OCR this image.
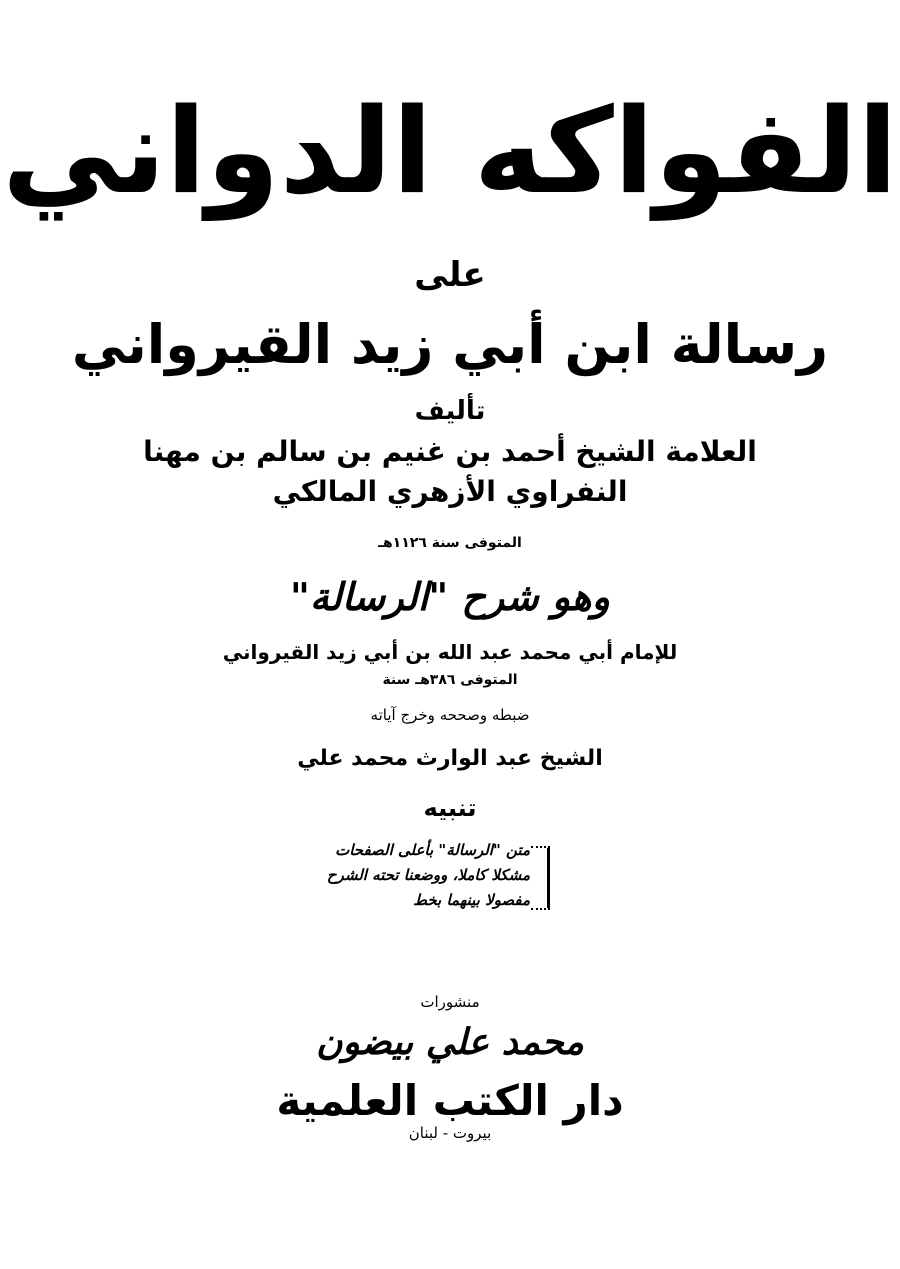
الفواكه الدواني
على
رسالة ابن أبي زيد القيرواني
تأليف
العلامة الشيخ أحمد بن غنيم بن سالم بن مهنا
النفراوي الأزهري المالكي
المتوفى سنة ١١٢٦هـ
وهو شرح "الرسالة"
للإمام أبي محمد عبد الله بن أبي زيد القيرواني
المتوفى ٣٨٦هـ سنة
ضبطه وصححه وخرج آياته
الشيخ عبد الوارث محمد علي
تنبيه
متن "الرسالة" بأعلى الصفحات
مشكلا كاملا، ووضعنا تحته الشرح
مفصولا بينهما بخط
منشورات
محمد علي بيضون
دار الكتب العلمية
بيروت - لبنان
